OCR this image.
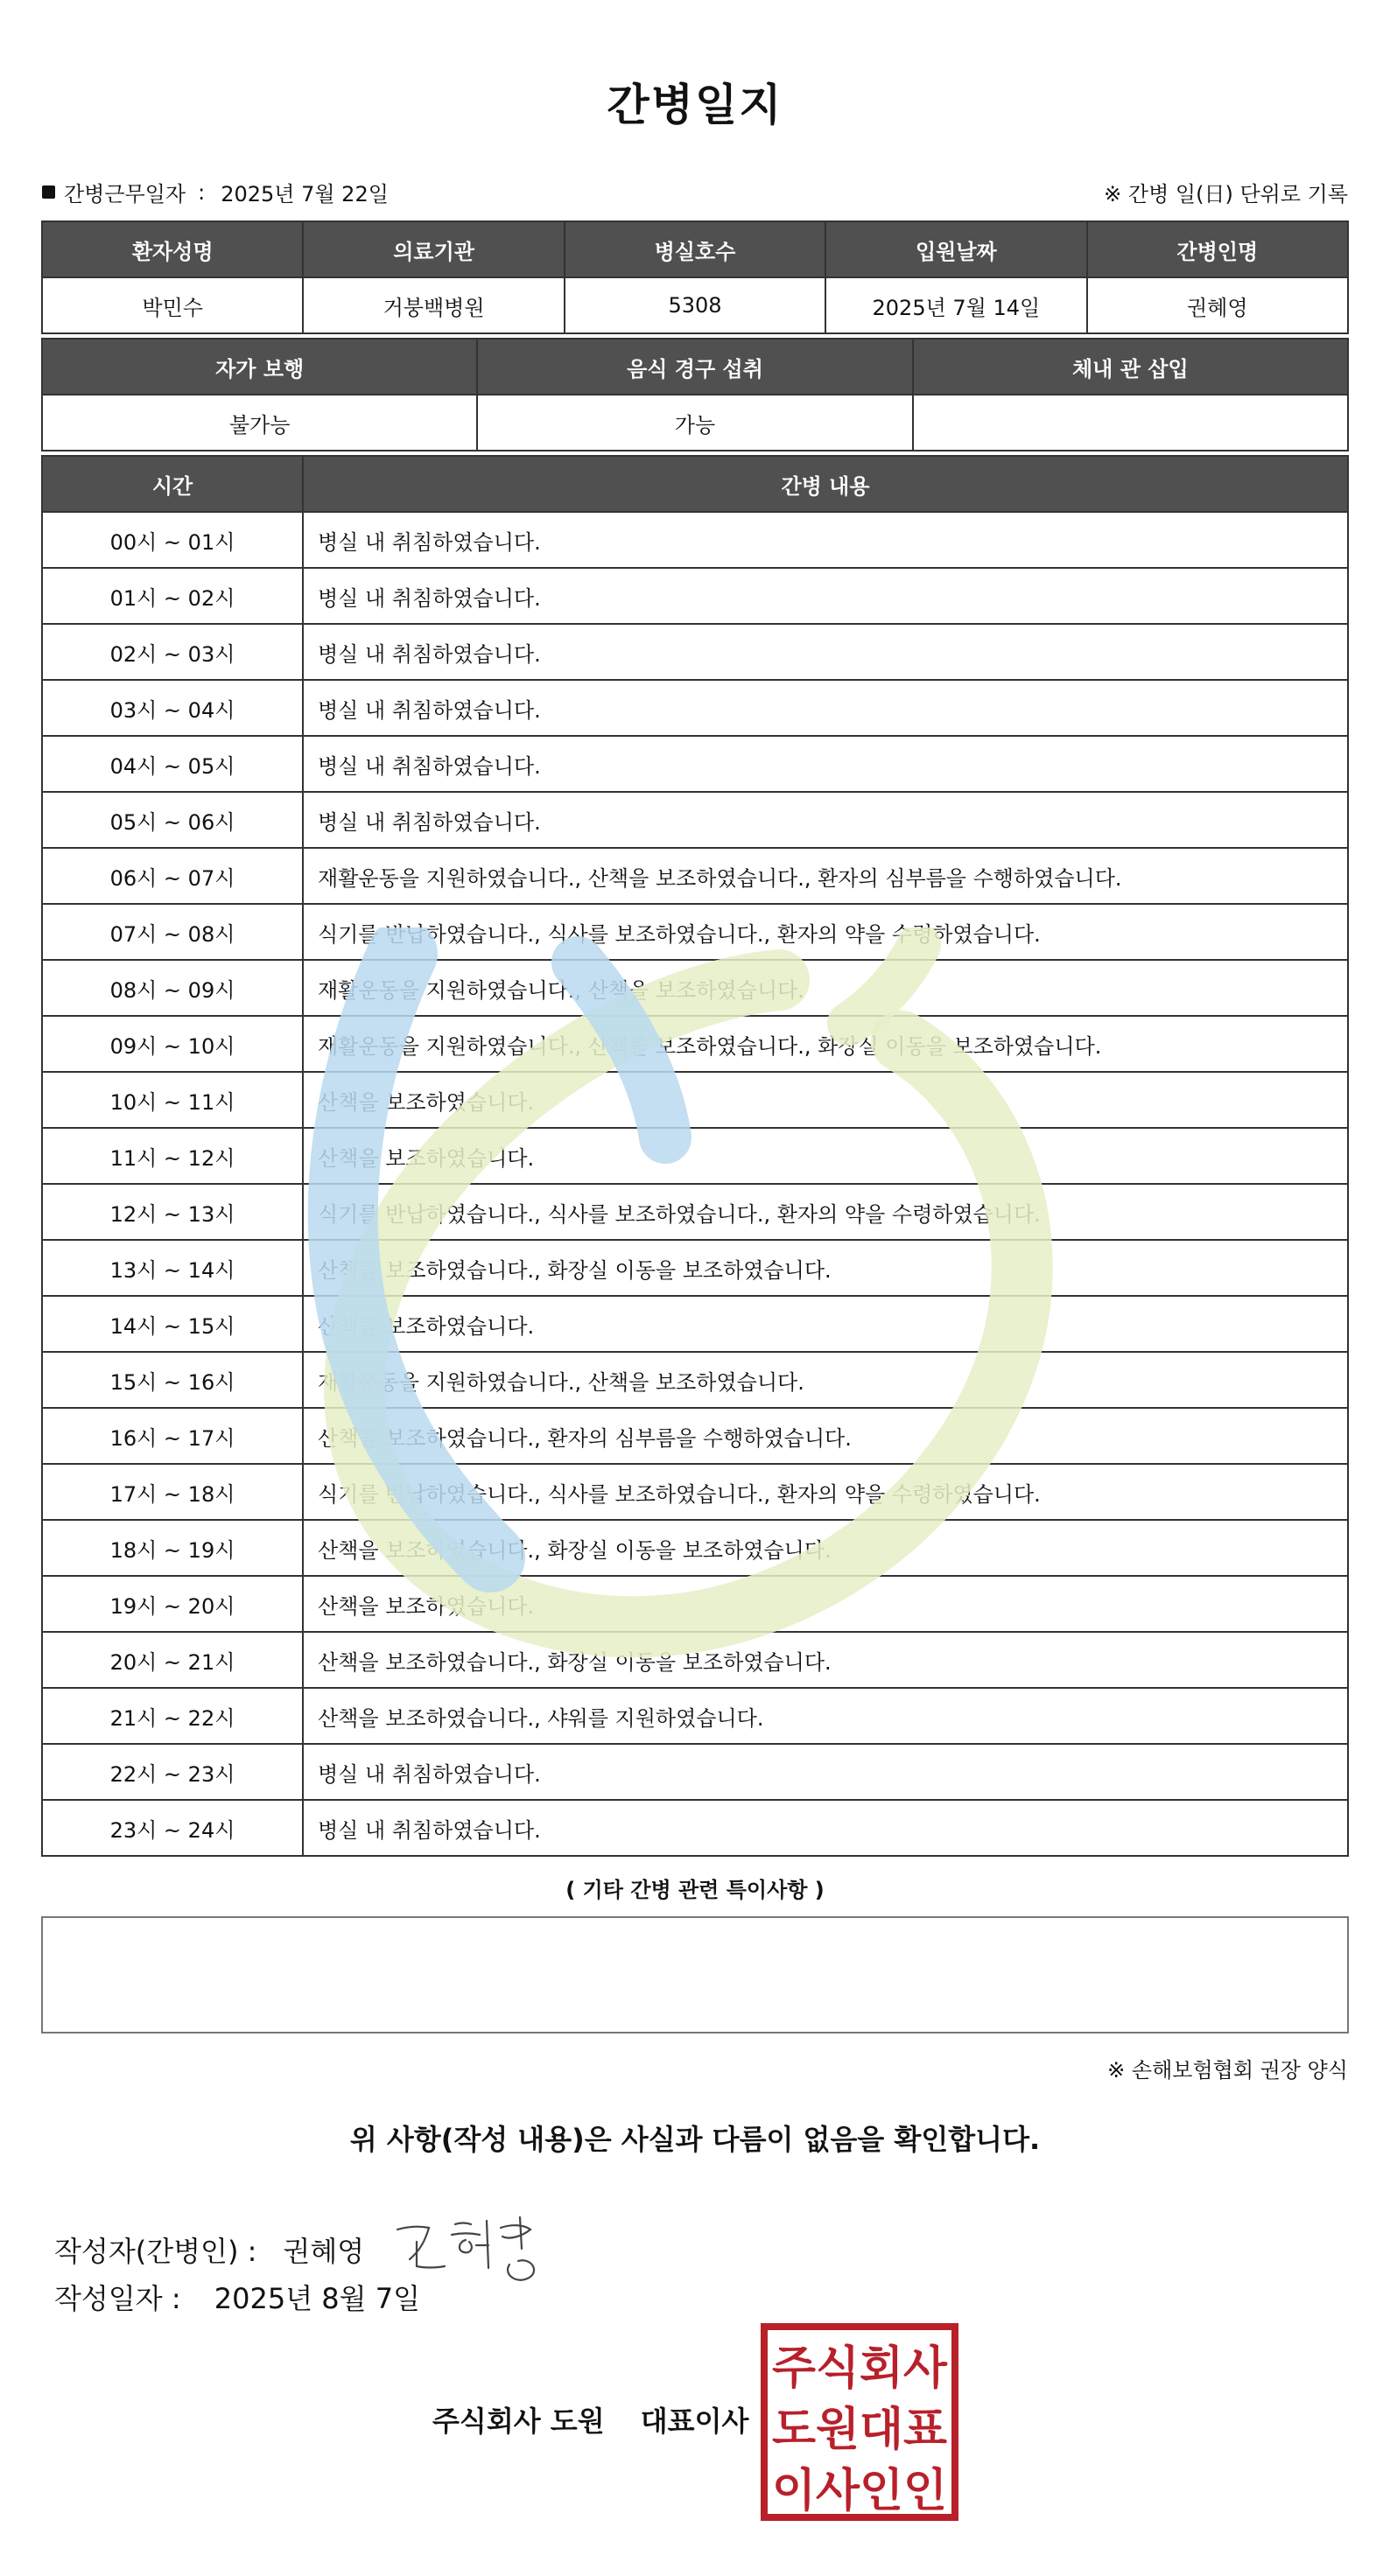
간병일지
간병근무일자 : 2025년 7월 22일	※ 간병 일(日) 단위로 기록
환자성명	의료기관	병실호수	입원날짜	간병인명
박민수	거붕백병원	5308	2025년 7월 14일	권혜영
자가 보행	음식 경구 섭취	체내 관 삽입
불가능	가능	
시간	간병 내용
00시 ~ 01시	병실 내 취침하였습니다.
01시 ~ 02시	병실 내 취침하였습니다.
02시 ~ 03시	병실 내 취침하였습니다.
03시 ~ 04시	병실 내 취침하였습니다.
04시 ~ 05시	병실 내 취침하였습니다.
05시 ~ 06시	병실 내 취침하였습니다.
06시 ~ 07시	재활운동을 지원하였습니다., 산책을 보조하였습니다., 환자의 심부름을 수행하였습니다.
07시 ~ 08시	식기를 반납하였습니다., 식사를 보조하였습니다., 환자의 약을 수령하였습니다.
08시 ~ 09시	재활운동을 지원하였습니다., 산책을 보조하였습니다.
09시 ~ 10시	재활운동을 지원하였습니다., 산책을 보조하였습니다., 화장실 이동을 보조하였습니다.
10시 ~ 11시	산책을 보조하였습니다.
11시 ~ 12시	산책을 보조하였습니다.
12시 ~ 13시	식기를 반납하였습니다., 식사를 보조하였습니다., 환자의 약을 수령하였습니다.
13시 ~ 14시	산책을 보조하였습니다., 화장실 이동을 보조하였습니다.
14시 ~ 15시	산책을 보조하였습니다.
15시 ~ 16시	재활운동을 지원하였습니다., 산책을 보조하였습니다.
16시 ~ 17시	산책을 보조하였습니다., 환자의 심부름을 수행하였습니다.
17시 ~ 18시	식기를 반납하였습니다., 식사를 보조하였습니다., 환자의 약을 수령하였습니다.
18시 ~ 19시	산책을 보조하였습니다., 화장실 이동을 보조하였습니다.
19시 ~ 20시	산책을 보조하였습니다.
20시 ~ 21시	산책을 보조하였습니다., 화장실 이동을 보조하였습니다.
21시 ~ 22시	산책을 보조하였습니다., 샤워를 지원하였습니다.
22시 ~ 23시	병실 내 취침하였습니다.
23시 ~ 24시	병실 내 취침하였습니다.
( 기타 간병 관련 특이사항 )
※ 손해보험협회 권장 양식
위 사항(작성 내용)은 사실과 다름이 없음을 확인합니다.
작성자(간병인) : 권혜영
작성일자 : 2025년 8월 7일
주식회사 도원 대표이사
주식회사
도원대표
이사인인
